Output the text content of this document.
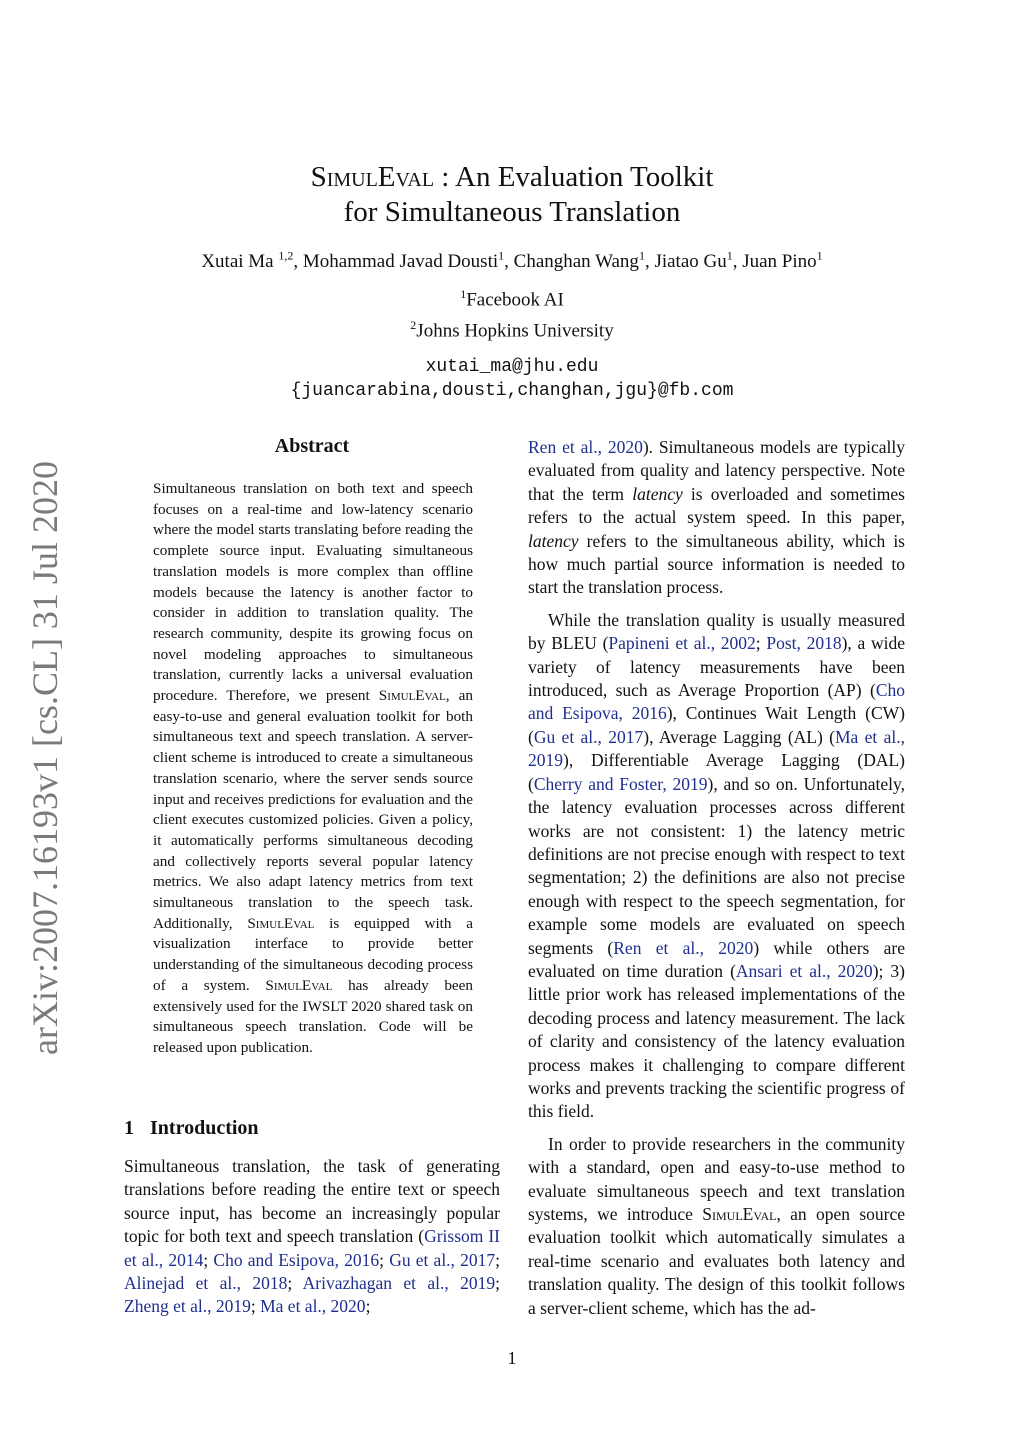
arXiv:2007.16193v1 [cs.CL] 31 Jul 2020
SimulEval : An Evaluation Toolkit
for Simultaneous Translation
Xutai Ma $^{1,2}$, Mohammad Javad Dousti$^1$, Changhan Wang$^1$, Jiatao Gu$^1$, Juan Pino$^1$
$^1$Facebook AI
$^2$Johns Hopkins University
xutai_ma@jhu.edu
{juancarabina,dousti,changhan,jgu}@fb.com
Abstract
Simultaneous translation on both text and speech focuses on a real-time and low-latency scenario where the model starts translating before reading the complete source input. Evaluating simultaneous translation models is more complex than offline models because the latency is another factor to consider in addition to translation quality. The research community, despite its growing focus on novel modeling approaches to simultaneous translation, currently lacks a universal evaluation procedure. Therefore, we present SimulEval, an easy-to-use and general evaluation toolkit for both simultaneous text and speech translation. A server-client scheme is introduced to create a simultaneous translation scenario, where the server sends source input and receives predictions for evaluation and the client executes customized policies. Given a policy, it automatically performs simultaneous decoding and collectively reports several popular latency metrics. We also adapt latency metrics from text simultaneous translation to the speech task. Additionally, SimulEval is equipped with a visualization interface to provide better understanding of the simultaneous decoding process of a system. SimulEval has already been extensively used for the IWSLT 2020 shared task on simultaneous speech translation. Code will be released upon publication.
1 Introduction
Simultaneous translation, the task of generating translations before reading the entire text or speech source input, has become an increasingly popular topic for both text and speech translation (Grissom II et al., 2014; Cho and Esipova, 2016; Gu et al., 2017; Alinejad et al., 2018; Arivazhagan et al., 2019; Zheng et al., 2019; Ma et al., 2020;

Ren et al., 2020). Simultaneous models are typically evaluated from quality and latency perspective. Note that the term latency is overloaded and sometimes refers to the actual system speed. In this paper, latency refers to the simultaneous ability, which is how much partial source information is needed to start the translation process.

While the translation quality is usually measured by BLEU (Papineni et al., 2002; Post, 2018), a wide variety of latency measurements have been introduced, such as Average Proportion (AP) (Cho and Esipova, 2016), Continues Wait Length (CW) (Gu et al., 2017), Average Lagging (AL) (Ma et al., 2019), Differentiable Average Lagging (DAL) (Cherry and Foster, 2019), and so on. Unfortunately, the latency evaluation processes across different works are not consistent: 1) the latency metric definitions are not precise enough with respect to text segmentation; 2) the definitions are also not precise enough with respect to the speech segmentation, for example some models are evaluated on speech segments (Ren et al., 2020) while others are evaluated on time duration (Ansari et al., 2020); 3) little prior work has released implementations of the decoding process and latency measurement. The lack of clarity and consistency of the latency evaluation process makes it challenging to compare different works and prevents tracking the scientific progress of this field.

In order to provide researchers in the community with a standard, open and easy-to-use method to evaluate simultaneous speech and text translation systems, we introduce SimulEval, an open source evaluation toolkit which automatically simulates a real-time scenario and evaluates both latency and translation quality. The design of this toolkit follows a server-client scheme, which has the ad-

1
